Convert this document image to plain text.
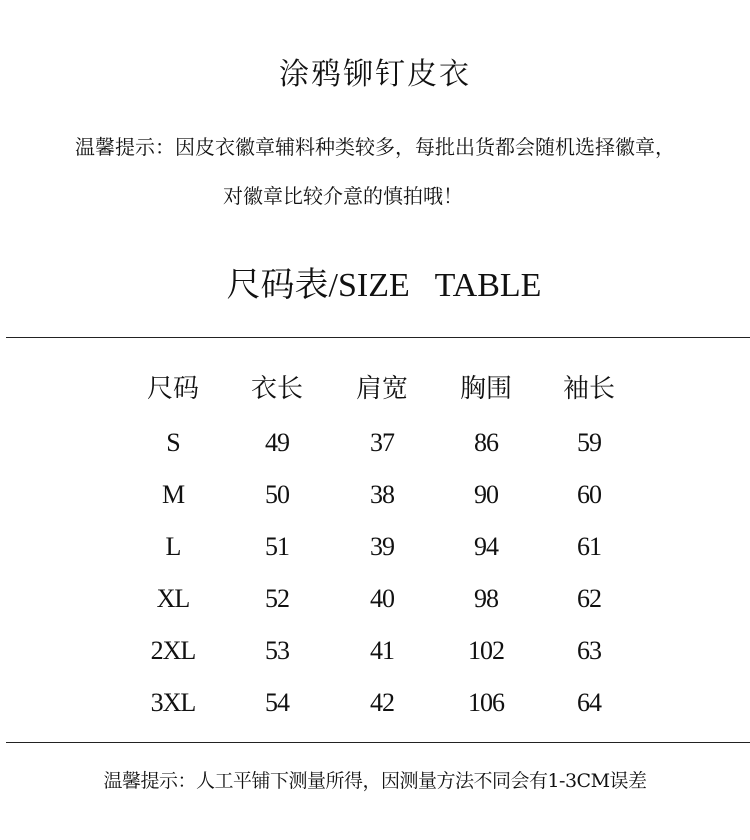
涂鸦铆钉皮衣
温馨提示：因皮衣徽章辅料种类较多，每批出货都会随机选择徽章，
对徽章比较介意的慎拍哦！
尺码表/SIZE   TABLE
尺码	衣长	肩宽	胸围	袖长
S	49	37	86	59
M	50	38	90	60
L	51	39	94	61
XL	52	40	98	62
2XL	53	41	102	63
3XL	54	42	106	64
温馨提示：人工平铺下测量所得，因测量方法不同会有1-3CM误差
